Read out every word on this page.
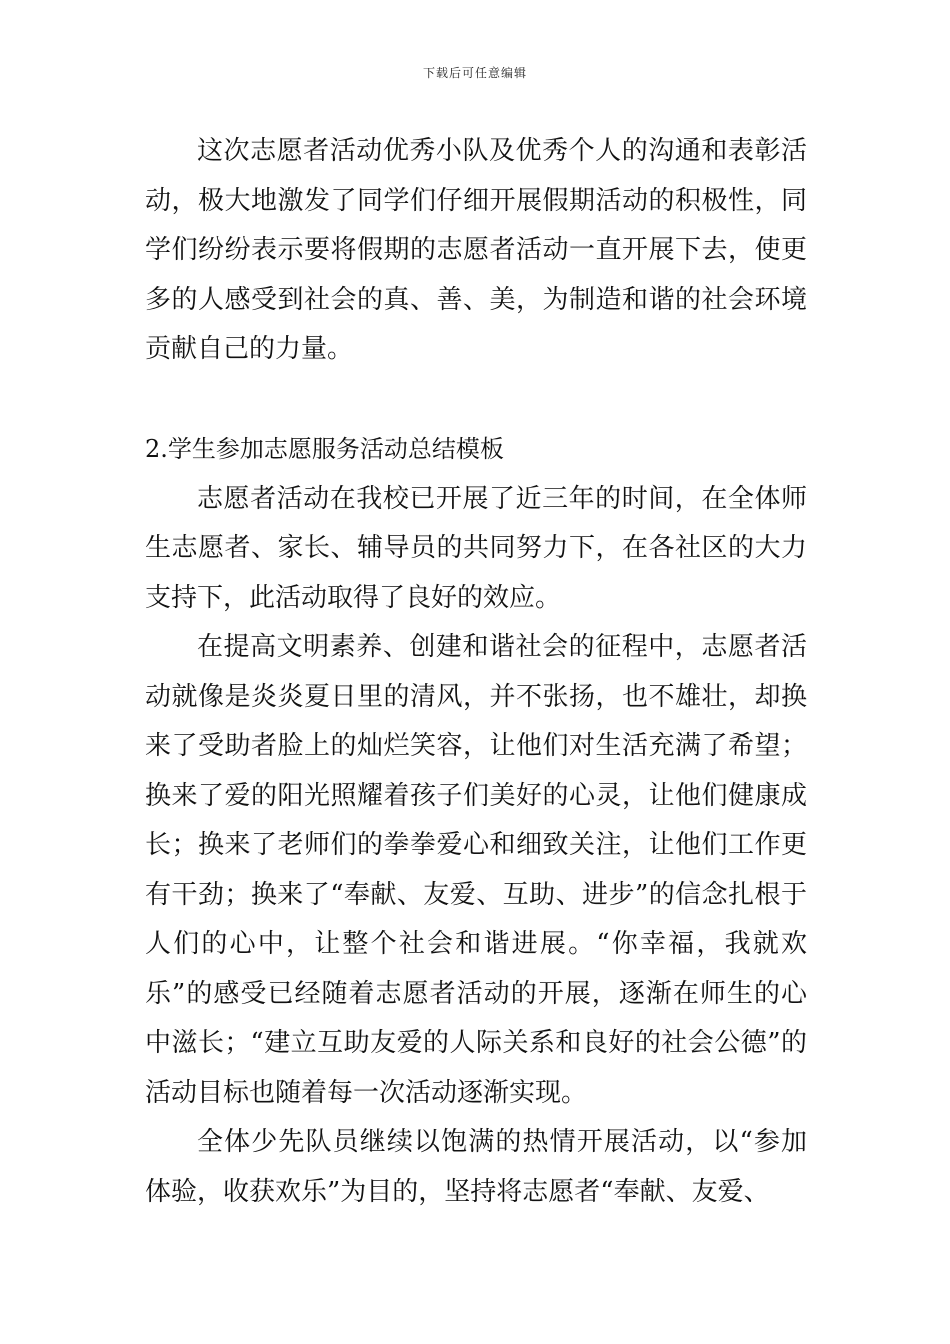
下载后可任意编辑

这次志愿者活动优秀小队及优秀个人的沟通和表彰活动，极大地激发了同学们仔细开展假期活动的积极性，同学们纷纷表示要将假期的志愿者活动一直开展下去，使更多的人感受到社会的真、善、美，为制造和谐的社会环境贡献自己的力量。

2.学生参加志愿服务活动总结模板

志愿者活动在我校已开展了近三年的时间，在全体师生志愿者、家长、辅导员的共同努力下，在各社区的大力支持下，此活动取得了良好的效应。

在提高文明素养、创建和谐社会的征程中，志愿者活动就像是炎炎夏日里的清风，并不张扬，也不雄壮，却换来了受助者脸上的灿烂笑容，让他们对生活充满了希望；换来了爱的阳光照耀着孩子们美好的心灵，让他们健康成长；换来了老师们的拳拳爱心和细致关注，让他们工作更有干劲；换来了“奉献、友爱、互助、进步”的信念扎根于人们的心中，让整个社会和谐进展。“你幸福，我就欢乐”的感受已经随着志愿者活动的开展，逐渐在师生的心中滋长；“建立互助友爱的人际关系和良好的社会公德”的活动目标也随着每一次活动逐渐实现。

全体少先队员继续以饱满的热情开展活动，以“参加体验，收获欢乐”为目的，坚持将志愿者“奉献、友爱、
